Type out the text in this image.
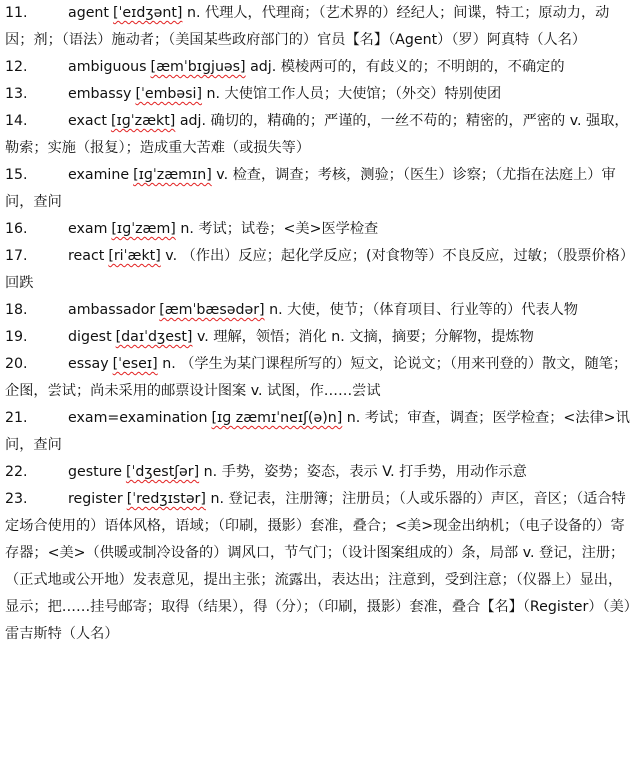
11.	agent [ˈeɪdʒənt] n. 代理人，代理商；（艺术界的）经纪人；间谍，特工；原动力，动因；剂；（语法）施动者；（美国某些政府部门的）官员【名】（Agent）（罗）阿真特（人名）
12.	ambiguous [æmˈbɪgjuəs] adj. 模棱两可的，有歧义的；不明朗的，不确定的
13.	embassy [ˈembəsi] n. 大使馆工作人员；大使馆；（外交）特别使团
14.	exact [ɪɡˈzækt] adj. 确切的，精确的；严谨的，一丝不苟的；精密的，严密的 v. 强取，勒索；实施（报复）；造成重大苦难（或损失等）
15.	examine [ɪɡˈzæmɪn] v. 检查，调查；考核，测验；（医生）诊察；（尤指在法庭上）审问，查问
16.	exam [ɪɡˈzæm] n. 考试；试卷；<美>医学检查
17.	react [riˈækt] v. （作出）反应；起化学反应；(对食物等）不良反应，过敏；（股票价格）回跌
18.	ambassador [æmˈbæsədər] n. 大使，使节；（体育项目、行业等的）代表人物
19.	digest [daɪˈdʒest] v. 理解，领悟；消化 n. 文摘，摘要；分解物，提炼物
20.	essay [ˈeseɪ] n. （学生为某门课程所写的）短文，论说文；（用来刊登的）散文，随笔；企图，尝试；尚未采用的邮票设计图案 v. 试图，作……尝试
21.	exam=examination [ɪɡ zæmɪˈneɪʃ(ə)n] n. 考试；审查，调查；医学检查；<法律>讯问，查问
22.	gesture [ˈdʒestʃər] n. 手势，姿势；姿态，表示 V. 打手势，用动作示意
23.	register [ˈredʒɪstər] n. 登记表，注册簿；注册员；（人或乐器的）声区，音区；（适合特定场合使用的）语体风格，语域；（印刷，摄影）套准，叠合；<美>现金出纳机；（电子设备的）寄存器；<美>（供暖或制冷设备的）调风口，节气门；（设计图案组成的）条，局部 v. 登记，注册；（正式地或公开地）发表意见，提出主张；流露出，表达出；注意到，受到注意；（仪器上）显出，显示；把……挂号邮寄；取得（结果），得（分）；（印刷，摄影）套准，叠合【名】（Register）（美）雷吉斯特（人名）
